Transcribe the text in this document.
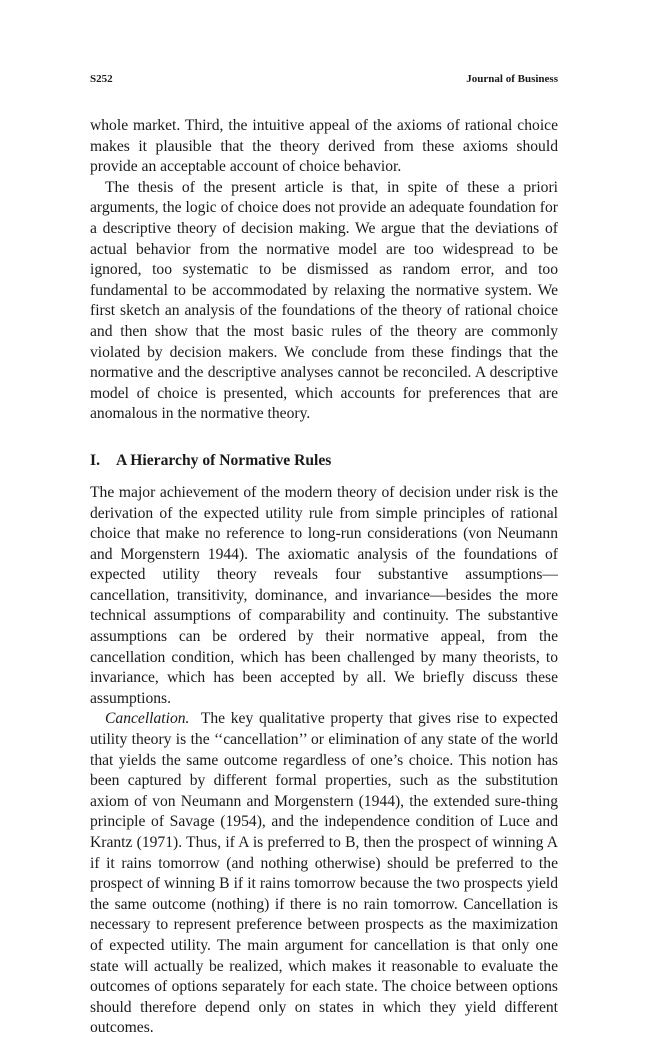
S252	Journal of Business

whole market. Third, the intuitive appeal of the axioms of rational choice makes it plausible that the theory derived from these axioms should provide an acceptable account of choice behavior.

The thesis of the present article is that, in spite of these a priori arguments, the logic of choice does not provide an adequate foundation for a descriptive theory of decision making. We argue that the deviations of actual behavior from the normative model are too widespread to be ignored, too systematic to be dismissed as random error, and too fundamental to be accommodated by relaxing the normative system. We first sketch an analysis of the foundations of the theory of rational choice and then show that the most basic rules of the theory are commonly violated by decision makers. We conclude from these findings that the normative and the descriptive analyses cannot be reconciled. A descriptive model of choice is presented, which accounts for preferences that are anomalous in the normative theory.

I. A Hierarchy of Normative Rules

The major achievement of the modern theory of decision under risk is the derivation of the expected utility rule from simple principles of rational choice that make no reference to long-run considerations (von Neumann and Morgenstern 1944). The axiomatic analysis of the foundations of expected utility theory reveals four substantive assumptions—cancellation, transitivity, dominance, and invariance—besides the more technical assumptions of comparability and continuity. The substantive assumptions can be ordered by their normative appeal, from the cancellation condition, which has been challenged by many theorists, to invariance, which has been accepted by all. We briefly discuss these assumptions.

Cancellation. The key qualitative property that gives rise to expected utility theory is the ‘‘cancellation’’ or elimination of any state of the world that yields the same outcome regardless of one’s choice. This notion has been captured by different formal properties, such as the substitution axiom of von Neumann and Morgenstern (1944), the extended sure-thing principle of Savage (1954), and the independence condition of Luce and Krantz (1971). Thus, if A is preferred to B, then the prospect of winning A if it rains tomorrow (and nothing otherwise) should be preferred to the prospect of winning B if it rains tomorrow because the two prospects yield the same outcome (nothing) if there is no rain tomorrow. Cancellation is necessary to represent preference between prospects as the maximization of expected utility. The main argument for cancellation is that only one state will actually be realized, which makes it reasonable to evaluate the outcomes of options separately for each state. The choice between options should therefore depend only on states in which they yield different outcomes.
